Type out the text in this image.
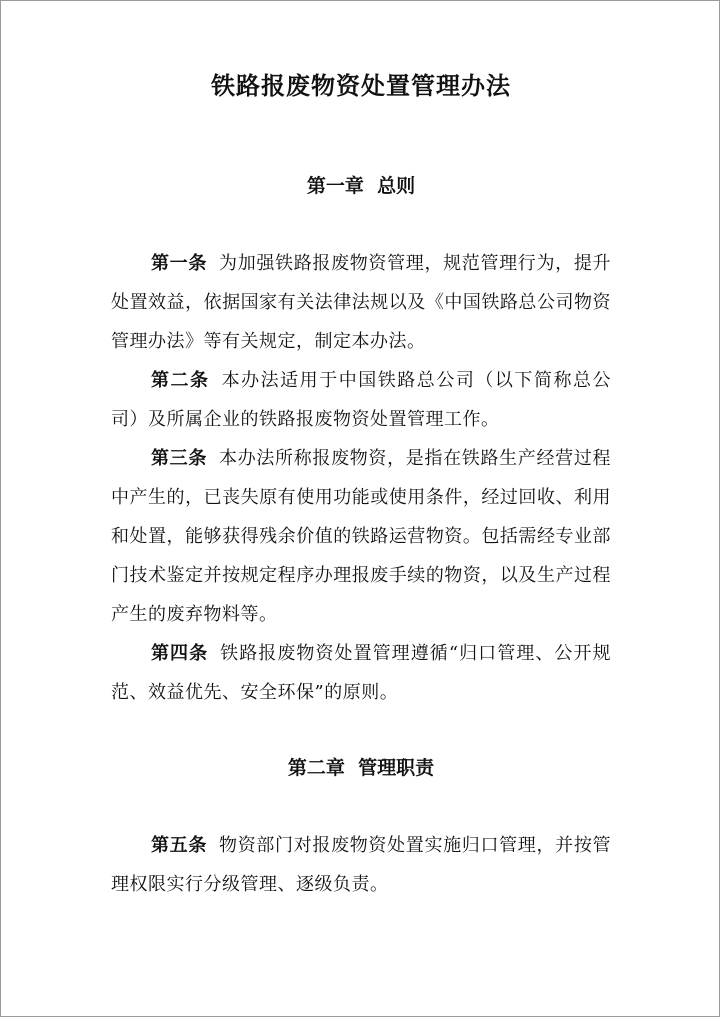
铁路报废物资处置管理办法
第一章  总则

第一条 为加强铁路报废物资管理，规范管理行为，提升处置效益，依据国家有关法律法规以及《中国铁路总公司物资管理办法》等有关规定，制定本办法。

第二条 本办法适用于中国铁路总公司（以下简称总公司）及所属企业的铁路报废物资处置管理工作。

第三条 本办法所称报废物资，是指在铁路生产经营过程中产生的，已丧失原有使用功能或使用条件，经过回收、利用和处置，能够获得残余价值的铁路运营物资。包括需经专业部门技术鉴定并按规定程序办理报废手续的物资，以及生产过程产生的废弃物料等。

第四条 铁路报废物资处置管理遵循“归口管理、公开规范、效益优先、安全环保”的原则。

第二章  管理职责

第五条 物资部门对报废物资处置实施归口管理，并按管理权限实行分级管理、逐级负责。
